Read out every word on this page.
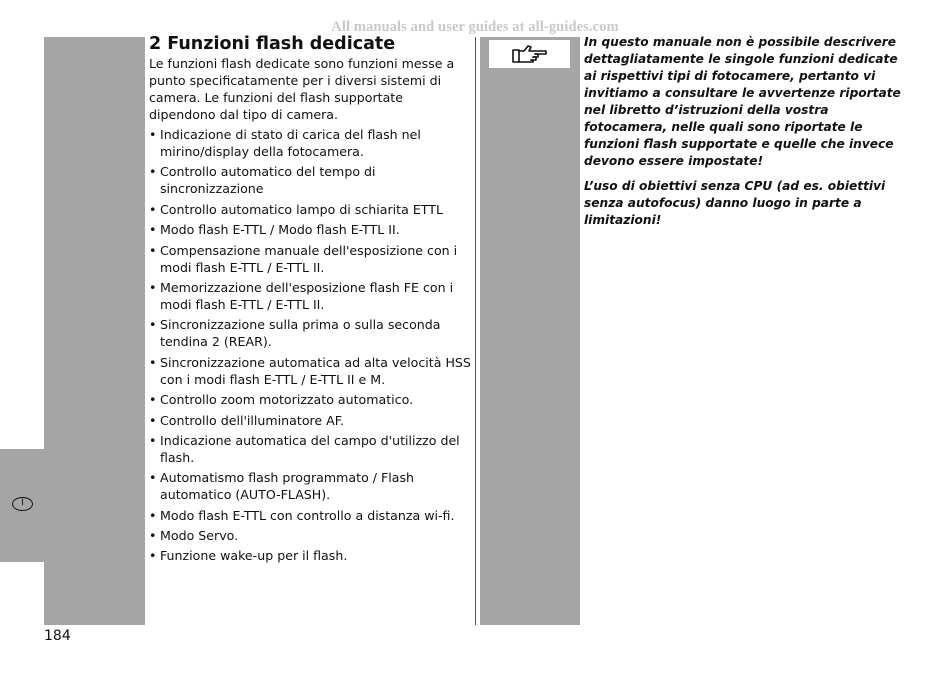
All manuals and user guides at all-guides.com
I
2 Funzioni flash dedicate

Le funzioni flash dedicate sono funzioni messe a punto specificatamente per i diversi sistemi di camera. Le funzioni del flash supportate dipendono dal tipo di camera.

• Indicazione di stato di carica del flash nel mirino/display della fotocamera.
• Controllo automatico del tempo di sincronizzazione
• Controllo automatico lampo di schiarita ETTL
• Modo flash E-TTL / Modo flash E-TTL II.
• Compensazione manuale dell'esposizione con i modi flash E-TTL / E-TTL II.
• Memorizzazione dell'esposizione flash FE con i modi flash E-TTL / E-TTL II.
• Sincronizzazione sulla prima o sulla seconda tendina 2 (REAR).
• Sincronizzazione automatica ad alta velocità HSS con i modi flash E-TTL / E-TTL II e M.
• Controllo zoom motorizzato automatico.
• Controllo dell'illuminatore AF.
• Indicazione automatica del campo d'utilizzo del flash.
• Automatismo flash programmato / Flash automatico (AUTO-FLASH).
• Modo flash E-TTL con controllo a distanza wi-fi.
• Modo Servo.
• Funzione wake-up per il flash.

In questo manuale non è possibile descrivere dettagliatamente le singole funzioni dedicate ai rispettivi tipi di fotocamere, pertanto vi invitiamo a consultare le avvertenze riportate nel libretto d’istruzioni della vostra fotocamera, nelle quali sono riportate le funzioni flash supportate e quelle che invece devono essere impostate!

L’uso di obiettivi senza CPU (ad es. obiettivi senza autofocus) danno luogo in parte a limitazioni!

184
